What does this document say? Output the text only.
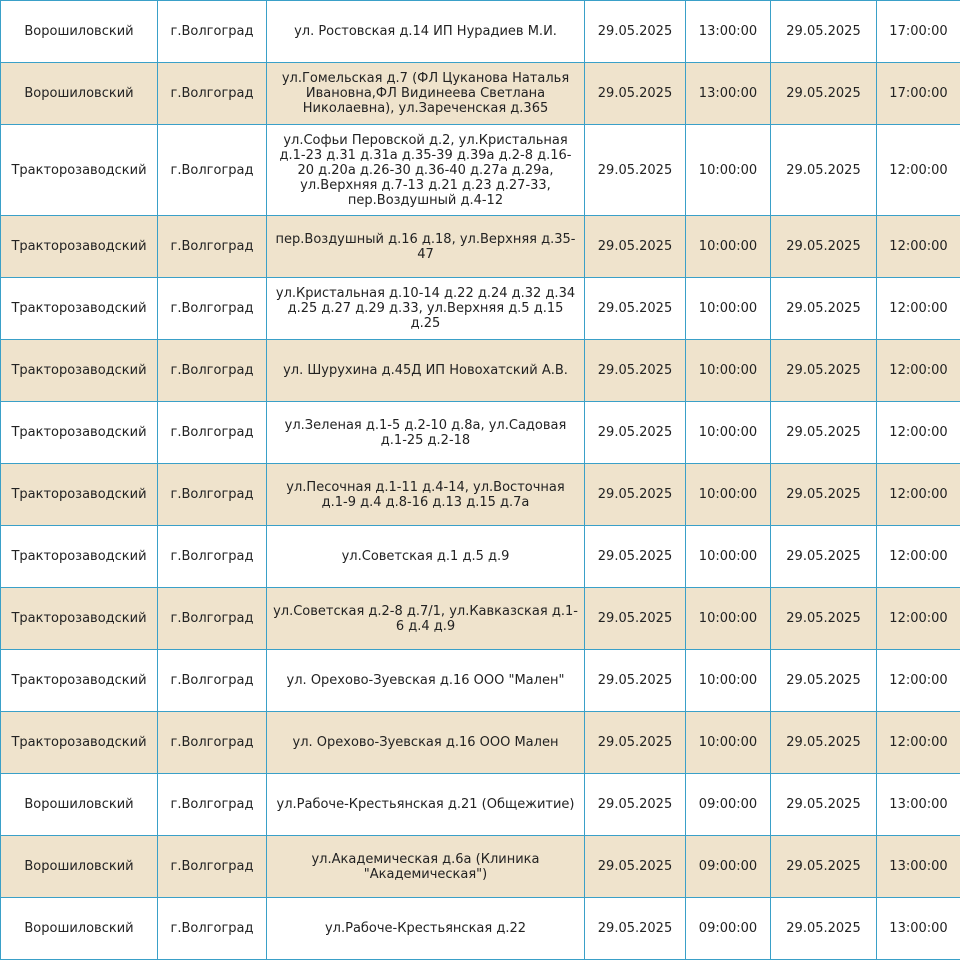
Ворошиловский	г.Волгоград	ул. Ростовская д.14 ИП Нурадиев М.И.	29.05.2025	13:00:00	29.05.2025	17:00:00
Ворошиловский	г.Волгоград	ул.Гомельская д.7 (ФЛ Цуканова Наталья Ивановна,ФЛ Видинеева Светлана Николаевна), ул.Зареченская д.365	29.05.2025	13:00:00	29.05.2025	17:00:00
Тракторозаводский	г.Волгоград	ул.Софьи Перовской д.2, ул.Кристальная д.1-23 д.31 д.31а д.35-39 д.39а д.2-8 д.16-20 д.20а д.26-30 д.36-40 д.27а д.29а, ул.Верхняя д.7-13 д.21 д.23 д.27-33, пер.Воздушный д.4-12	29.05.2025	10:00:00	29.05.2025	12:00:00
Тракторозаводский	г.Волгоград	пер.Воздушный д.16 д.18, ул.Верхняя д.35-47	29.05.2025	10:00:00	29.05.2025	12:00:00
Тракторозаводский	г.Волгоград	ул.Кристальная д.10-14 д.22 д.24 д.32 д.34 д.25 д.27 д.29 д.33, ул.Верхняя д.5 д.15 д.25	29.05.2025	10:00:00	29.05.2025	12:00:00
Тракторозаводский	г.Волгоград	ул. Шурухина д.45Д ИП Новохатский А.В.	29.05.2025	10:00:00	29.05.2025	12:00:00
Тракторозаводский	г.Волгоград	ул.Зеленая д.1-5 д.2-10 д.8а, ул.Садовая д.1-25 д.2-18	29.05.2025	10:00:00	29.05.2025	12:00:00
Тракторозаводский	г.Волгоград	ул.Песочная д.1-11 д.4-14, ул.Восточная д.1-9 д.4 д.8-16 д.13 д.15 д.7а	29.05.2025	10:00:00	29.05.2025	12:00:00
Тракторозаводский	г.Волгоград	ул.Советская д.1 д.5 д.9	29.05.2025	10:00:00	29.05.2025	12:00:00
Тракторозаводский	г.Волгоград	ул.Советская д.2-8 д.7/1, ул.Кавказская д.1-6 д.4 д.9	29.05.2025	10:00:00	29.05.2025	12:00:00
Тракторозаводский	г.Волгоград	ул. Орехово-Зуевская д.16 ООО "Мален"	29.05.2025	10:00:00	29.05.2025	12:00:00
Тракторозаводский	г.Волгоград	ул. Орехово-Зуевская д.16 ООО Мален	29.05.2025	10:00:00	29.05.2025	12:00:00
Ворошиловский	г.Волгоград	ул.Рабоче-Крестьянская д.21 (Общежитие)	29.05.2025	09:00:00	29.05.2025	13:00:00
Ворошиловский	г.Волгоград	ул.Академическая д.6а (Клиника "Академическая")	29.05.2025	09:00:00	29.05.2025	13:00:00
Ворошиловский	г.Волгоград	ул.Рабоче-Крестьянская д.22	29.05.2025	09:00:00	29.05.2025	13:00:00
